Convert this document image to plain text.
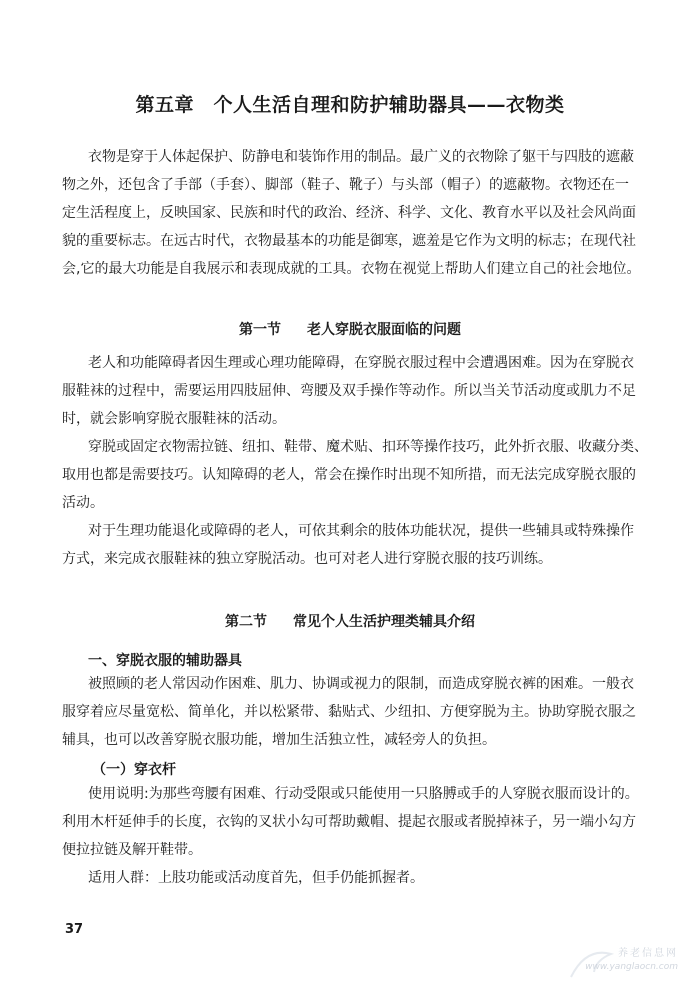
第五章　个人生活自理和防护辅助器具——衣物类
衣物是穿于人体起保护、防静电和装饰作用的制品。最广义的衣物除了躯干与四肢的遮蔽
物之外，还包含了手部（手套）、脚部（鞋子、靴子）与头部（帽子）的遮蔽物。衣物还在一
定生活程度上，反映国家、民族和时代的政治、经济、科学、文化、教育水平以及社会风尚面
貌的重要标志。在远古时代，衣物最基本的功能是御寒，遮羞是它作为文明的标志；在现代社
会,它的最大功能是自我展示和表现成就的工具。衣物在视觉上帮助人们建立自己的社会地位。
第一节 老人穿脱衣服面临的问题
老人和功能障碍者因生理或心理功能障碍，在穿脱衣服过程中会遭遇困难。因为在穿脱衣
服鞋袜的过程中，需要运用四肢屈伸、弯腰及双手操作等动作。所以当关节活动度或肌力不足
时，就会影响穿脱衣服鞋袜的活动。
穿脱或固定衣物需拉链、纽扣、鞋带、魔术贴、扣环等操作技巧，此外折衣服、收藏分类、
取用也都是需要技巧。认知障碍的老人，常会在操作时出现不知所措，而无法完成穿脱衣服的
活动。
对于生理功能退化或障碍的老人，可依其剩余的肢体功能状况，提供一些辅具或特殊操作
方式，来完成衣服鞋袜的独立穿脱活动。也可对老人进行穿脱衣服的技巧训练。
第二节 常见个人生活护理类辅具介绍
一、穿脱衣服的辅助器具
被照顾的老人常因动作困难、肌力、协调或视力的限制，而造成穿脱衣裤的困难。一般衣
服穿着应尽量宽松、简单化，并以松紧带、黏贴式、少纽扣、方便穿脱为主。协助穿脱衣服之
辅具，也可以改善穿脱衣服功能，增加生活独立性，减轻旁人的负担。
（一）穿衣杆
使用说明:为那些弯腰有困难、行动受限或只能使用一只胳膊或手的人穿脱衣服而设计的。
利用木杆延伸手的长度，衣钩的叉状小勾可帮助戴帽、提起衣服或者脱掉袜子，另一端小勾方
便拉拉链及解开鞋带。
适用人群：上肢功能或活动度首先，但手仍能抓握者。
37
养老信息网
www.yanglaocn.com
